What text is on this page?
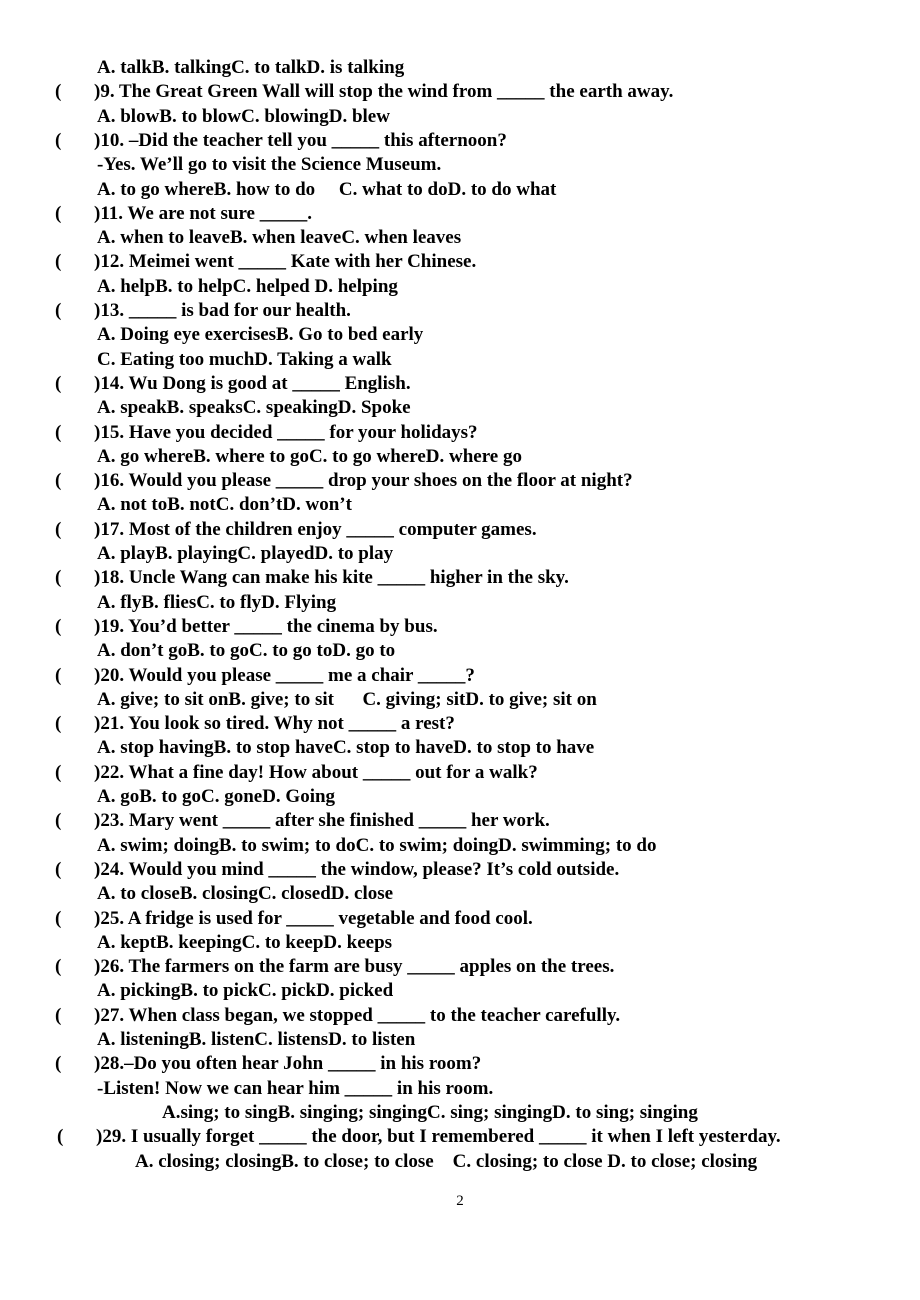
A. talkB. talkingC. to talkD. is talking
( )9. The Great Green Wall will stop the wind from _____ the earth away.
A. blowB. to blowC. blowingD. blew
( )10. –Did the teacher tell you _____ this afternoon?
-Yes. We’ll go to visit the Science Museum.
A. to go whereB. how to do     C. what to doD. to do what
( )11. We are not sure _____.
A. when to leaveB. when leaveC. when leaves
( )12. Meimei went _____ Kate with her Chinese.
A. helpB. to helpC. helped D. helping
( )13. _____ is bad for our health.
A. Doing eye exercisesB. Go to bed early
C. Eating too muchD. Taking a walk
( )14. Wu Dong is good at _____ English.
A. speakB. speaksC. speakingD. Spoke
( )15. Have you decided _____ for your holidays?
A. go whereB. where to goC. to go whereD. where go
( )16. Would you please _____ drop your shoes on the floor at night?
A. not toB. notC. don’tD. won’t
( )17. Most of the children enjoy _____ computer games.
A. playB. playingC. playedD. to play
( )18. Uncle Wang can make his kite _____ higher in the sky.
A. flyB. fliesC. to flyD. Flying
( )19. You’d better _____ the cinema by bus.
A. don’t goB. to goC. to go toD. go to
( )20. Would you please _____ me a chair _____?
A. give; to sit onB. give; to sit      C. giving; sitD. to give; sit on
( )21. You look so tired. Why not _____ a rest?
A. stop havingB. to stop haveC. stop to haveD. to stop to have
( )22. What a fine day! How about _____ out for a walk?
A. goB. to goC. goneD. Going
( )23. Mary went _____ after she finished _____ her work.
A. swim; doingB. to swim; to doC. to swim; doingD. swimming; to do
( )24. Would you mind _____ the window, please? It’s cold outside.
A. to closeB. closingC. closedD. close
( )25. A fridge is used for _____ vegetable and food cool.
A. keptB. keepingC. to keepD. keeps
( )26. The farmers on the farm are busy _____ apples on the trees.
A. pickingB. to pickC. pickD. picked
( )27. When class began, we stopped _____ to the teacher carefully.
A. listeningB. listenC. listensD. to listen
( )28.–Do you often hear John _____ in his room?
-Listen! Now we can hear him _____ in his room.
A.sing; to singB. singing; singingC. sing; singingD. to sing; singing
( )29. I usually forget _____ the door, but I remembered _____ it when I left yesterday.
A. closing; closingB. to close; to close    C. closing; to close D. to close; closing
2
